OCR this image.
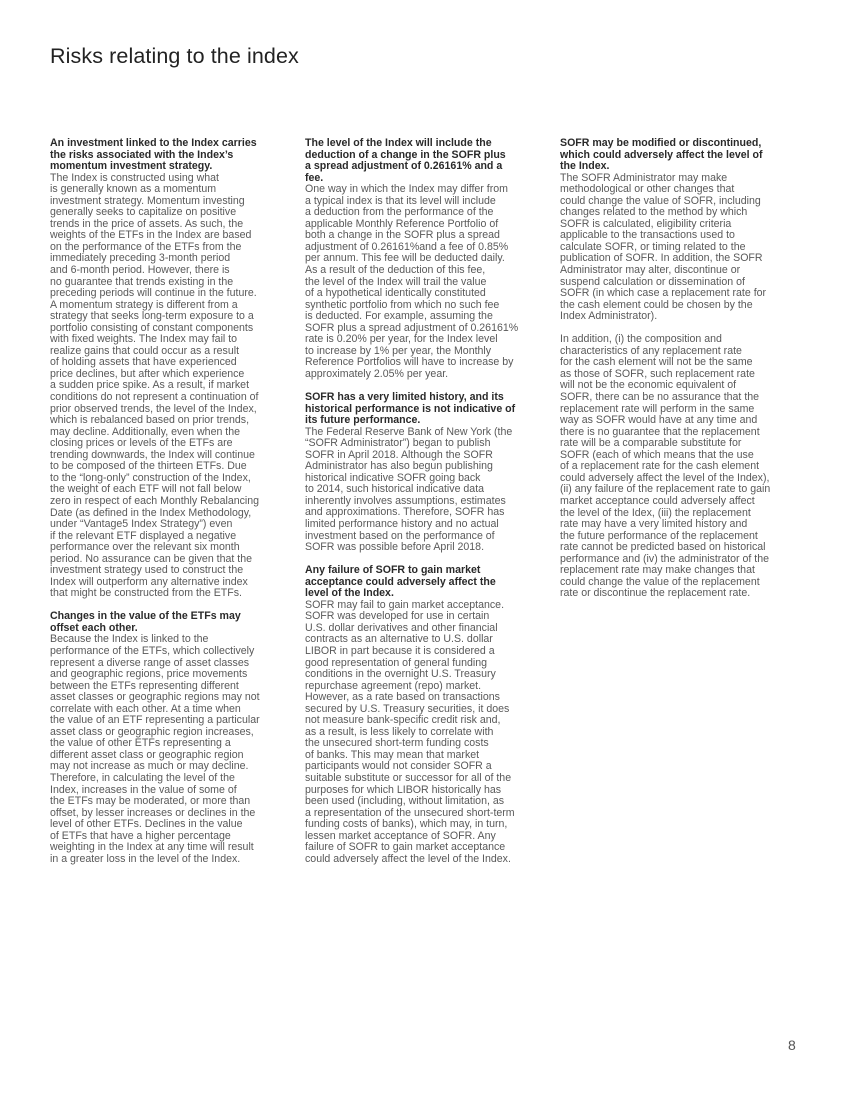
Risks relating to the index
An investment linked to the Index carries
the risks associated with the Index’s
momentum investment strategy.
The Index is constructed using what
is generally known as a momentum
investment strategy. Momentum investing
generally seeks to capitalize on positive
trends in the price of assets. As such, the
weights of the ETFs in the Index are based
on the performance of the ETFs from the
immediately preceding 3-month period
and 6-month period. However, there is
no guarantee that trends existing in the
preceding periods will continue in the future.
A momentum strategy is different from a
strategy that seeks long-term exposure to a
portfolio consisting of constant components
with fixed weights. The Index may fail to
realize gains that could occur as a result
of holding assets that have experienced
price declines, but after which experience
a sudden price spike. As a result, if market
conditions do not represent a continuation of
prior observed trends, the level of the Index,
which is rebalanced based on prior trends,
may decline. Additionally, even when the
closing prices or levels of the ETFs are
trending downwards, the Index will continue
to be composed of the thirteen ETFs. Due
to the “long-only” construction of the Index,
the weight of each ETF will not fall below
zero in respect of each Monthly Rebalancing
Date (as defined in the Index Methodology,
under “Vantage5 Index Strategy”) even
if the relevant ETF displayed a negative
performance over the relevant six month
period. No assurance can be given that the
investment strategy used to construct the
Index will outperform any alternative index
that might be constructed from the ETFs.
Changes in the value of the ETFs may
offset each other.
Because the Index is linked to the
performance of the ETFs, which collectively
represent a diverse range of asset classes
and geographic regions, price movements
between the ETFs representing different
asset classes or geographic regions may not
correlate with each other. At a time when
the value of an ETF representing a particular
asset class or geographic region increases,
the value of other ETFs representing a
different asset class or geographic region
may not increase as much or may decline.
Therefore, in calculating the level of the
Index, increases in the value of some of
the ETFs may be moderated, or more than
offset, by lesser increases or declines in the
level of other ETFs. Declines in the value
of ETFs that have a higher percentage
weighting in the Index at any time will result
in a greater loss in the level of the Index.
The level of the Index will include the
deduction of a change in the SOFR plus
a spread adjustment of 0.26161% and a
fee.
One way in which the Index may differ from
a typical index is that its level will include
a deduction from the performance of the
applicable Monthly Reference Portfolio of
both a change in the SOFR plus a spread
adjustment of 0.26161%and a fee of 0.85%
per annum. This fee will be deducted daily.
As a result of the deduction of this fee,
the level of the Index will trail the value
of a hypothetical identically constituted
synthetic portfolio from which no such fee
is deducted. For example, assuming the
SOFR plus a spread adjustment of 0.26161%
rate is 0.20% per year, for the Index level
to increase by 1% per year, the Monthly
Reference Portfolios will have to increase by
approximately 2.05% per year.
SOFR has a very limited history, and its
historical performance is not indicative of
its future performance.
The Federal Reserve Bank of New York (the
“SOFR Administrator”) began to publish
SOFR in April 2018. Although the SOFR
Administrator has also begun publishing
historical indicative SOFR going back
to 2014, such historical indicative data
inherently involves assumptions, estimates
and approximations. Therefore, SOFR has
limited performance history and no actual
investment based on the performance of
SOFR was possible before April 2018.
Any failure of SOFR to gain market
acceptance could adversely affect the
level of the Index.
SOFR may fail to gain market acceptance.
SOFR was developed for use in certain
U.S. dollar derivatives and other financial
contracts as an alternative to U.S. dollar
LIBOR in part because it is considered a
good representation of general funding
conditions in the overnight U.S. Treasury
repurchase agreement (repo) market.
However, as a rate based on transactions
secured by U.S. Treasury securities, it does
not measure bank-specific credit risk and,
as a result, is less likely to correlate with
the unsecured short-term funding costs
of banks. This may mean that market
participants would not consider SOFR a
suitable substitute or successor for all of the
purposes for which LIBOR historically has
been used (including, without limitation, as
a representation of the unsecured short-term
funding costs of banks), which may, in turn,
lessen market acceptance of SOFR. Any
failure of SOFR to gain market acceptance
could adversely affect the level of the Index.
SOFR may be modified or discontinued,
which could adversely affect the level of
the Index.
The SOFR Administrator may make
methodological or other changes that
could change the value of SOFR, including
changes related to the method by which
SOFR is calculated, eligibility criteria
applicable to the transactions used to
calculate SOFR, or timing related to the
publication of SOFR. In addition, the SOFR
Administrator may alter, discontinue or
suspend calculation or dissemination of
SOFR (in which case a replacement rate for
the cash element could be chosen by the
Index Administrator).
In addition, (i) the composition and
characteristics of any replacement rate
for the cash element will not be the same
as those of SOFR, such replacement rate
will not be the economic equivalent of
SOFR, there can be no assurance that the
replacement rate will perform in the same
way as SOFR would have at any time and
there is no guarantee that the replacement
rate will be a comparable substitute for
SOFR (each of which means that the use
of a replacement rate for the cash element
could adversely affect the level of the Index),
(ii) any failure of the replacement rate to gain
market acceptance could adversely affect
the level of the Idex, (iii) the replacement
rate may have a very limited history and
the future performance of the replacement
rate cannot be predicted based on historical
performance and (iv) the administrator of the
replacement rate may make changes that
could change the value of the replacement
rate or discontinue the replacement rate.
8
